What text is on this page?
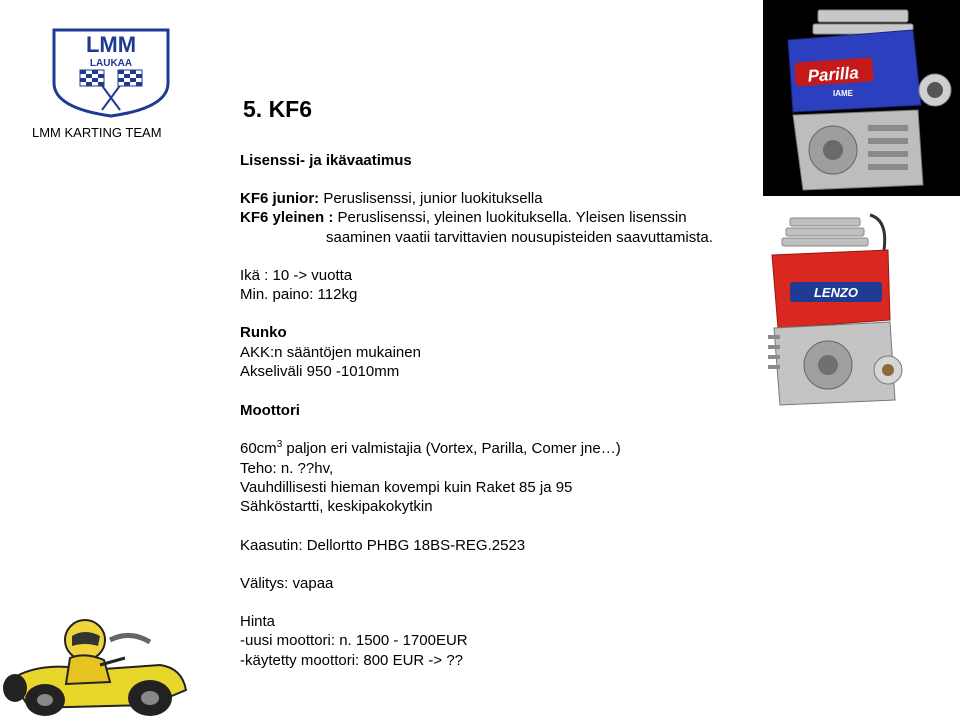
LMM
LAUKAA
LMM KARTING TEAM
5. KF6
Lisenssi- ja ikävaatimus
KF6 junior: Peruslisenssi, junior luokituksella
KF6 yleinen : Peruslisenssi, yleinen luokituksella. Yleisen lisenssin
saaminen vaatii tarvittavien nousupisteiden saavuttamista.
Ikä : 10 -> vuotta
Min. paino: 112kg
Runko
AKK:n sääntöjen mukainen
Akseliväli 950 -1010mm
Moottori
$60cm^3$ paljon eri valmistajia (Vortex, Parilla, Comer jne…)
Teho: n. ??hv,
Vauhdillisesti hieman kovempi kuin Raket 85 ja 95
Sähköstartti, keskipakokytkin
Kaasutin: Dellortto PHBG 18BS-REG.2523
Välitys: vapaa
Hinta
-uusi moottori: n. 1500 - 1700EUR
-käytetty moottori: 800 EUR -> ??
Parilla
IAME
LENZO
